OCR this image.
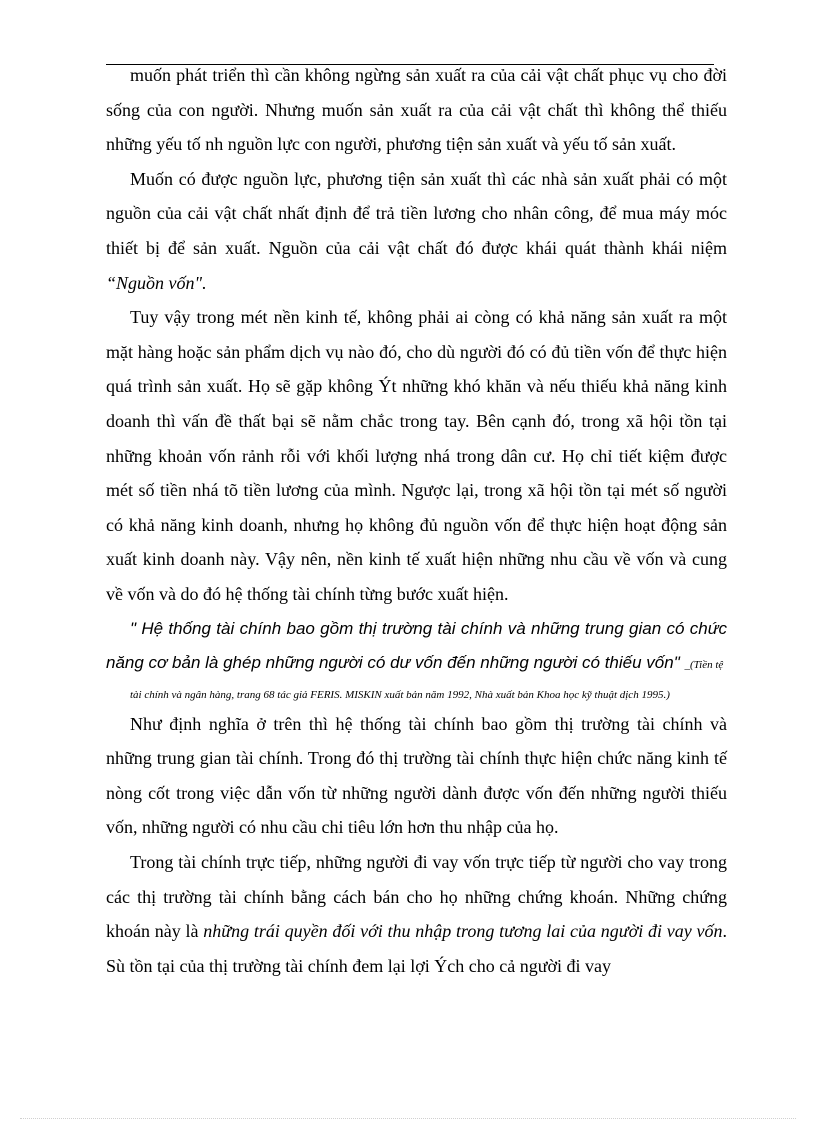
muốn phát triển thì cần không ngừng sản xuất ra của cải vật chất phục vụ cho đời sống của con người. Nhưng muốn sản xuất ra của cải vật chất thì không thể thiếu những yếu tố nh nguồn lực con người, phương tiện sản xuất và yếu tố sản xuất.

Muốn có được nguồn lực, phương tiện sản xuất thì các nhà sản xuất phải có một nguồn của cải vật chất nhất định để trả tiền lương cho nhân công, để mua máy móc thiết bị để sản xuất. Nguồn của cải vật chất đó được khái quát thành khái niệm “Nguồn vốn".

Tuy vậy trong mét nền kinh tế, không phải ai còng có khả năng sản xuất ra một mặt hàng hoặc sản phẩm dịch vụ nào đó, cho dù người đó có đủ tiền vốn để thực hiện quá trình sản xuất. Họ sẽ gặp không Ýt những khó khăn và nếu thiếu khả năng kinh doanh thì vấn đề thất bại sẽ nằm chắc trong tay. Bên cạnh đó, trong xã hội tồn tại những khoản vốn rảnh rỗi với khối lượng nhá trong dân cư. Họ chỉ tiết kiệm được mét số tiền nhá tõ tiền lương của mình. Ngược lại, trong xã hội tồn tại mét số người có khả năng kinh doanh, nhưng họ không đủ nguồn vốn để thực hiện hoạt động sản xuất kinh doanh này. Vậy nên, nền kinh tế xuất hiện những nhu cầu về vốn và cung về vốn và do đó hệ thống tài chính từng bước xuất hiện.

" Hệ thống tài chính bao gồm thị trường tài chính và những trung gian có chức năng cơ bản là ghép những người có dư vốn đến những người có thiếu vốn" _(Tiền tệ

tài chính và ngân hàng, trang 68 tác giả FERIS. MISKIN xuất bản năm 1992, Nhà xuất bản Khoa học kỹ thuật dịch 1995.)

Như định nghĩa ở trên thì hệ thống tài chính bao gồm thị trường tài chính và những trung gian tài chính. Trong đó thị trường tài chính thực hiện chức năng kinh tế nòng cốt trong việc dẫn vốn từ những người dành được vốn đến những người thiếu vốn, những người có nhu cầu chi tiêu lớn hơn thu nhập của họ.

Trong tài chính trực tiếp, những người đi vay vốn trực tiếp từ người cho vay trong các thị trường tài chính bằng cách bán cho họ những chứng khoán. Những chứng khoán này là những trái quyền đối với thu nhập trong tương lai của người đi vay vốn. Sù tồn tại của thị trường tài chính đem lại lợi Ých cho cả người đi vay
